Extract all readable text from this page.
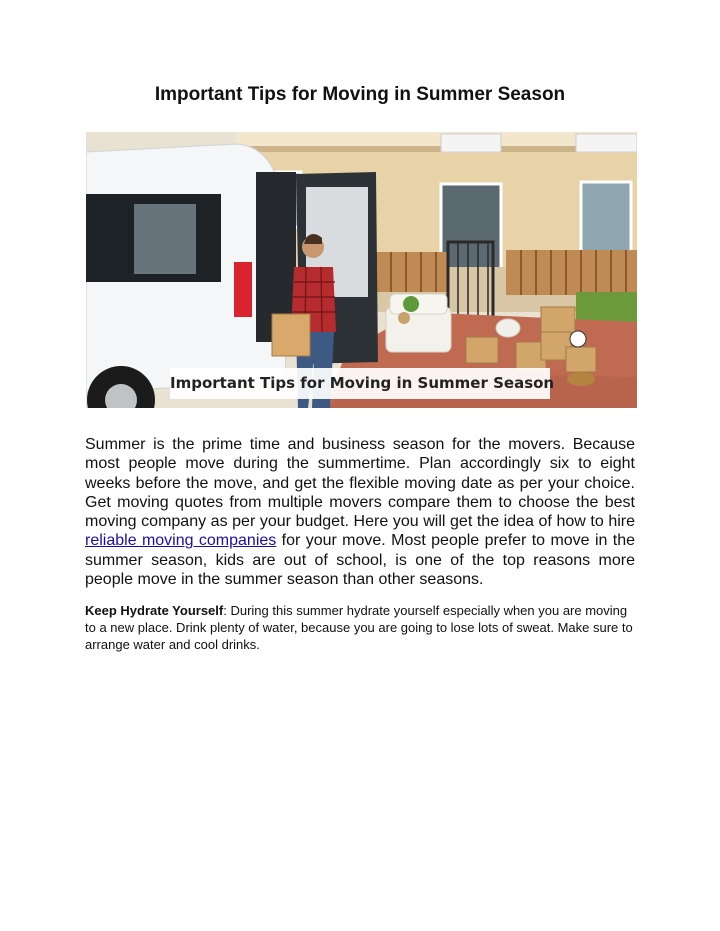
Important Tips for Moving in Summer Season
Important Tips for Moving in Summer Season

Summer is the prime time and business season for the movers. Because most people move during the summertime. Plan accordingly six to eight weeks before the move, and get the flexible moving date as per your choice. Get moving quotes from multiple movers compare them to choose the best moving company as per your budget. Here you will get the idea of how to hire reliable moving companies for your move. Most people prefer to move in the summer season, kids are out of school, is one of the top reasons more people move in the summer season than other seasons.

Keep Hydrate Yourself: During this summer hydrate yourself especially when you are moving to a new place. Drink plenty of water, because you are going to lose lots of sweat. Make sure to arrange water and cool drinks.
